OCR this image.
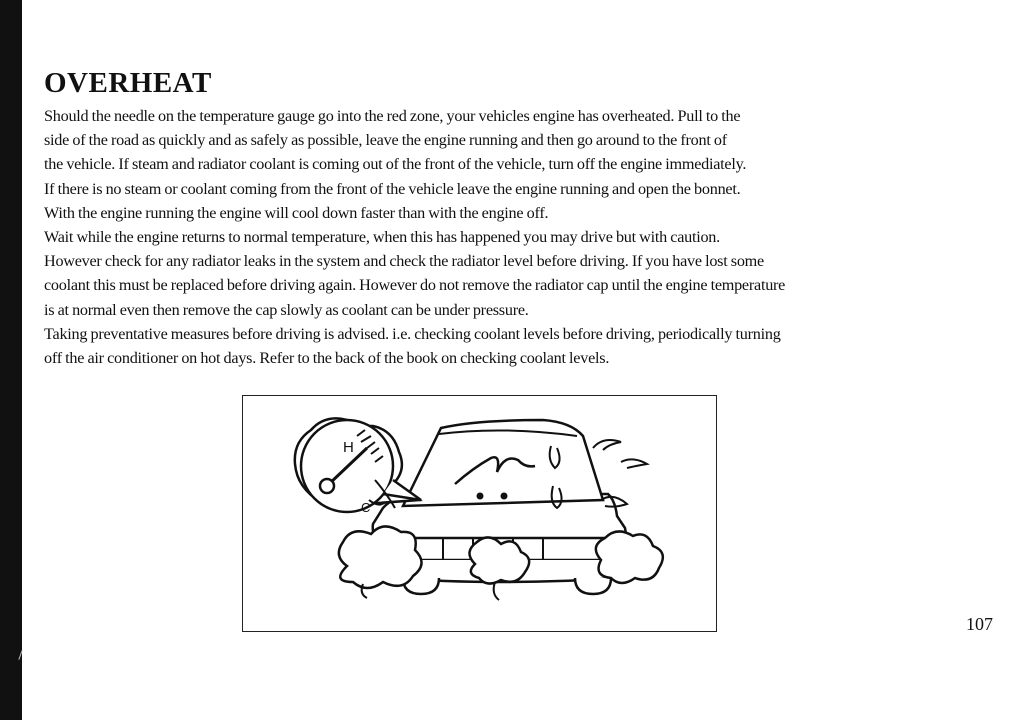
OVERHEAT
Should the needle on the temperature gauge go into the red zone, your vehicles engine has overheated. Pull to the
side of the road as quickly and as safely as possible, leave the engine running and then go around to the front of
the vehicle. If steam and radiator coolant is coming out of the front of the vehicle, turn off the engine immediately.
If there is no steam or coolant coming from the front of the vehicle leave the engine running and open the bonnet.
With the engine running the engine will cool down faster than with the engine off.
Wait while the engine returns to normal temperature, when this has happened you may drive but with caution.
However check for any radiator leaks in the system and check the radiator level before driving. If you have lost some
coolant this must be replaced before driving again. However do not remove the radiator cap until the engine temperature
is at normal even then remove the cap slowly as coolant can be under pressure.
Taking preventative measures before driving is advised. i.e. checking coolant levels before driving, periodically turning
off the air conditioner on hot days. Refer to the back of the book on checking coolant levels.
H
C
107
